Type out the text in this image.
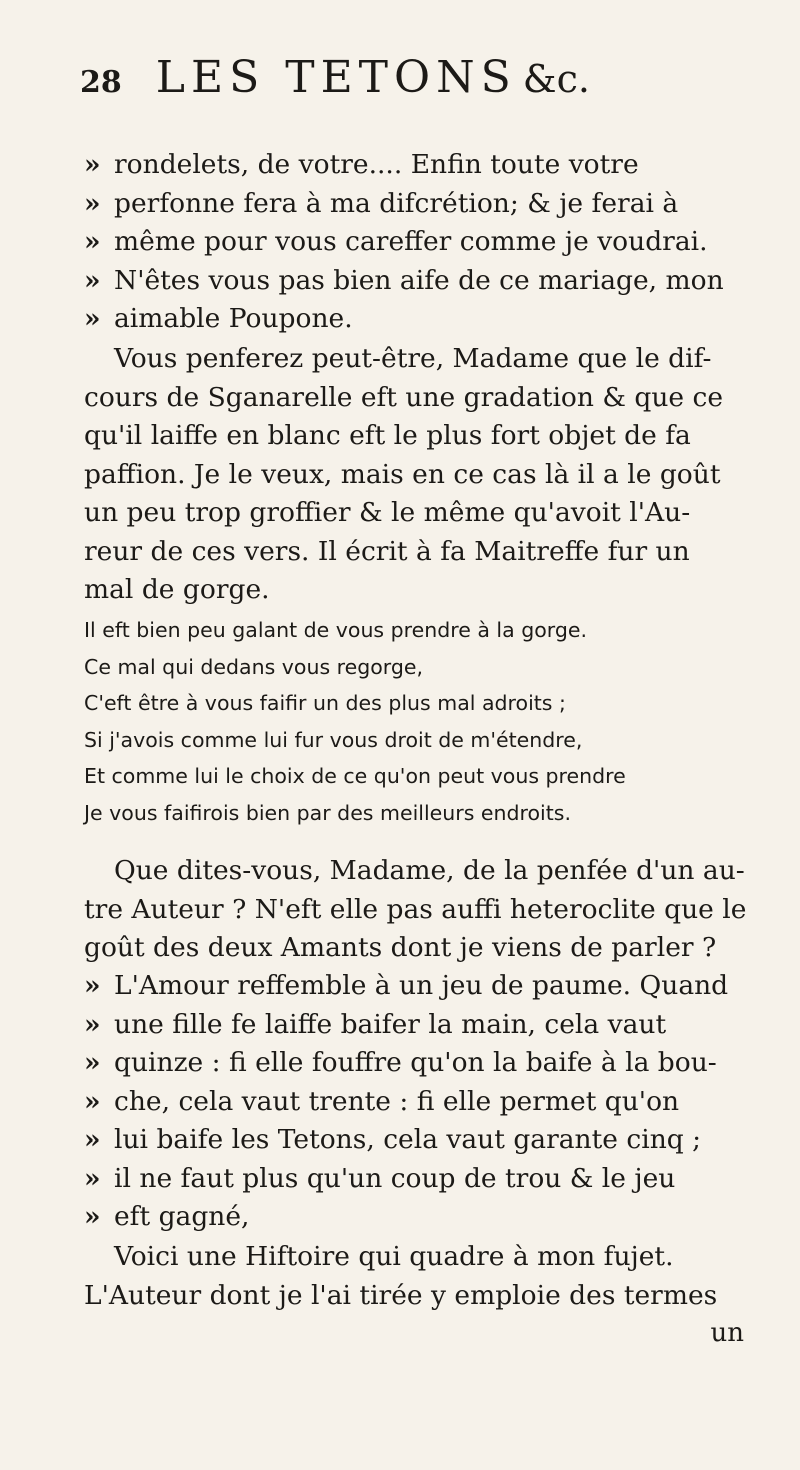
28 LES TETONS &c.
» rondelets, de votre.... Enfin toute votre
» perfonne fera à ma difcrétion; & je ferai à
» même pour vous careffer comme je voudrai.
» N'êtes vous pas bien aife de ce mariage, mon
» aimable Poupone.
Vous penferez peut-être, Madame que le dif-
cours de Sganarelle eft une gradation & que ce
qu'il laiffe en blanc eft le plus fort objet de fa
paffion. Je le veux, mais en ce cas là il a le goût
un peu trop groffier & le même qu'avoit l'Au-
reur de ces vers. Il écrit à fa Maitreffe fur un
mal de gorge.
Il eft bien peu galant de vous prendre à la gorge.
Ce mal qui dedans vous regorge,
C'eft être à vous faifir un des plus mal adroits ;
Si j'avois comme lui fur vous droit de m'étendre,
Et comme lui le choix de ce qu'on peut vous prendre
Je vous faifirois bien par des meilleurs endroits.
Que dites-vous, Madame, de la penfée d'un au-
tre Auteur ? N'eft elle pas auffi heteroclite que le
goût des deux Amants dont je viens de parler ?
» L'Amour reffemble à un jeu de paume. Quand
» une fille fe laiffe baifer la main, cela vaut
» quinze : fi elle fouffre qu'on la baife à la bou-
» che, cela vaut trente : fi elle permet qu'on
» lui baife les Tetons, cela vaut garante cinq ;
» il ne faut plus qu'un coup de trou & le jeu
» eft gagné,
Voici une Hiftoire qui quadre à mon fujet.
L'Auteur dont je l'ai tirée y emploie des termes
un
